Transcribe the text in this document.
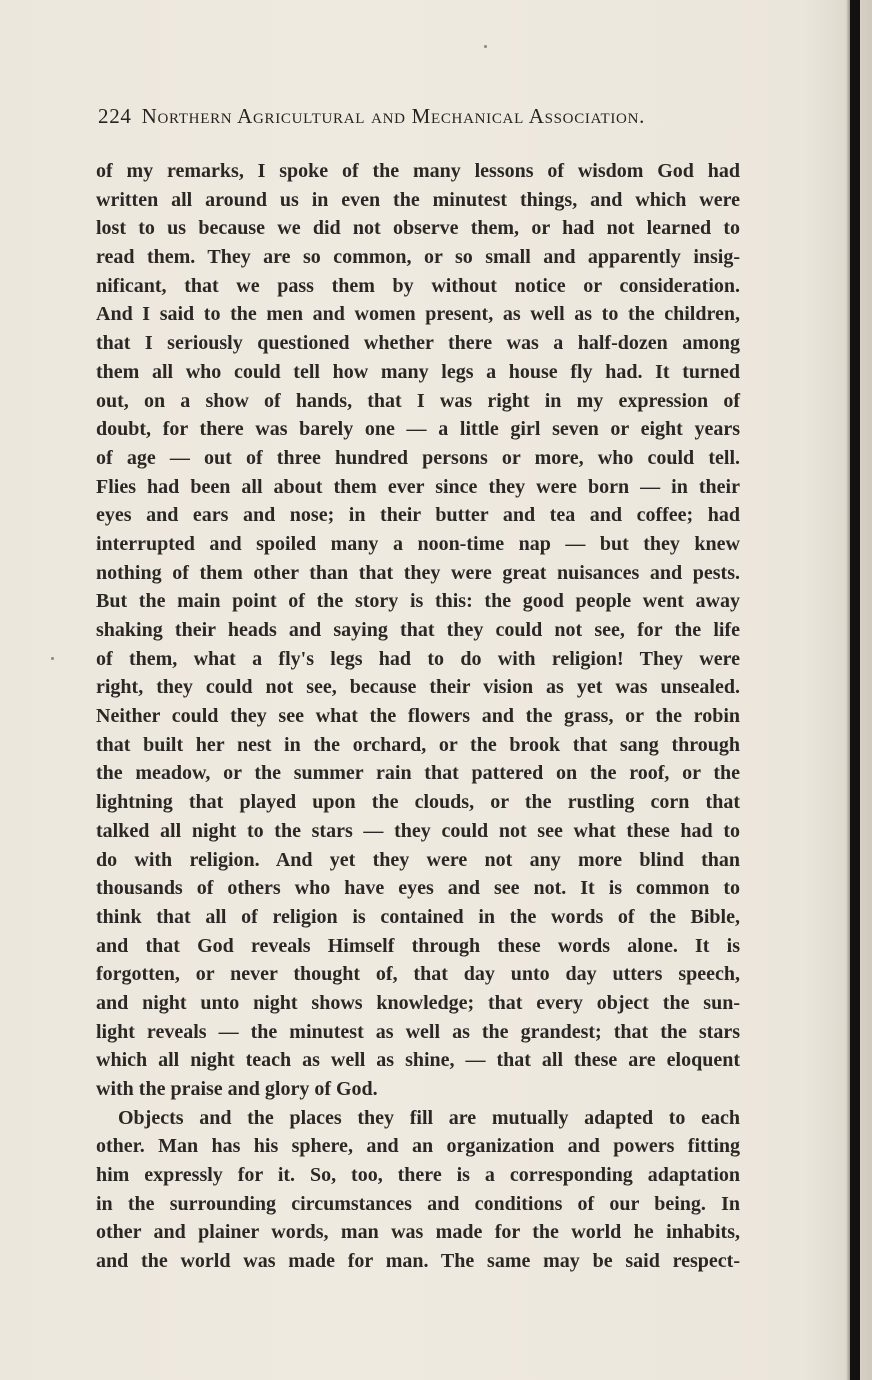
224 Northern Agricultural and Mechanical Association.
of my remarks, I spoke of the many lessons of wisdom God had
written all around us in even the minutest things, and which were
lost to us because we did not observe them, or had not learned to
read them. They are so common, or so small and apparently insig-
nificant, that we pass them by without notice or consideration.
And I said to the men and women present, as well as to the children,
that I seriously questioned whether there was a half-dozen among
them all who could tell how many legs a house fly had. It turned
out, on a show of hands, that I was right in my expression of
doubt, for there was barely one — a little girl seven or eight years
of age — out of three hundred persons or more, who could tell.
Flies had been all about them ever since they were born — in their
eyes and ears and nose; in their butter and tea and coffee; had
interrupted and spoiled many a noon-time nap — but they knew
nothing of them other than that they were great nuisances and pests.
But the main point of the story is this: the good people went away
shaking their heads and saying that they could not see, for the life
of them, what a fly's legs had to do with religion! They were
right, they could not see, because their vision as yet was unsealed.
Neither could they see what the flowers and the grass, or the robin
that built her nest in the orchard, or the brook that sang through
the meadow, or the summer rain that pattered on the roof, or the
lightning that played upon the clouds, or the rustling corn that
talked all night to the stars — they could not see what these had to
do with religion. And yet they were not any more blind than
thousands of others who have eyes and see not. It is common to
think that all of religion is contained in the words of the Bible,
and that God reveals Himself through these words alone. It is
forgotten, or never thought of, that day unto day utters speech,
and night unto night shows knowledge; that every object the sun-
light reveals — the minutest as well as the grandest; that the stars
which all night teach as well as shine, — that all these are eloquent
with the praise and glory of God.
Objects and the places they fill are mutually adapted to each
other. Man has his sphere, and an organization and powers fitting
him expressly for it. So, too, there is a corresponding adaptation
in the surrounding circumstances and conditions of our being. In
other and plainer words, man was made for the world he inhabits,
and the world was made for man. The same may be said respect-
